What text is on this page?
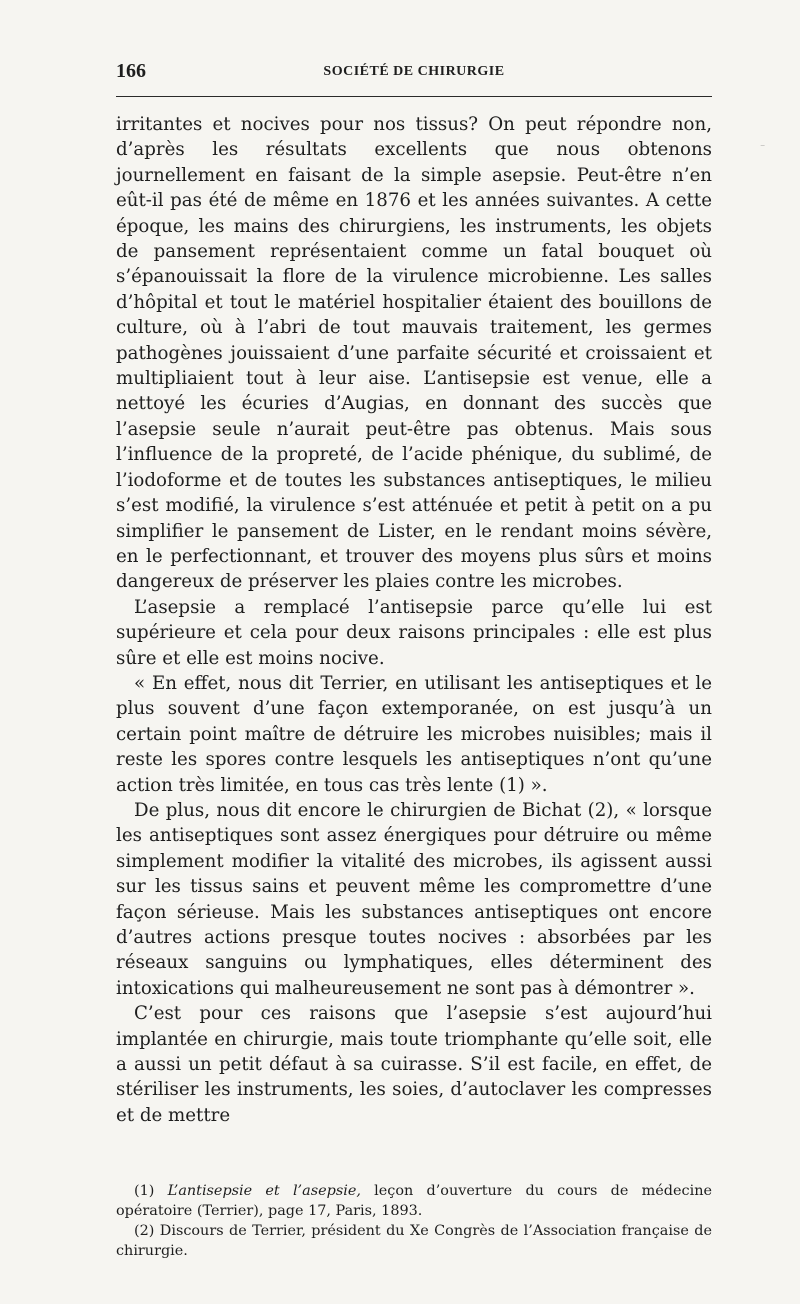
⁻
166	SOCIÉTÉ DE CHIRURGIE

irritantes et nocives pour nos tissus? On peut répondre non, d’après les résultats excellents que nous obtenons journellement en faisant de la simple asepsie. Peut-être n’en eût-il pas été de même en 1876 et les années suivantes. A cette époque, les mains des chirurgiens, les instruments, les objets de pansement représentaient comme un fatal bouquet où s’épanouissait la flore de la virulence microbienne. Les salles d’hôpital et tout le matériel hospitalier étaient des bouillons de culture, où à l’abri de tout mauvais traitement, les germes pathogènes jouissaient d’une parfaite sécurité et croissaient et multipliaient tout à leur aise. L’antisepsie est venue, elle a nettoyé les écuries d’Augias, en donnant des succès que l’asepsie seule n’aurait peut-être pas obtenus. Mais sous l’influence de la propreté, de l’acide phénique, du sublimé, de l’iodoforme et de toutes les substances antiseptiques, le milieu s’est modifié, la virulence s’est atténuée et petit à petit on a pu simplifier le pansement de Lister, en le rendant moins sévère, en le perfectionnant, et trouver des moyens plus sûrs et moins dangereux de préserver les plaies contre les microbes.

L’asepsie a remplacé l’antisepsie parce qu’elle lui est supérieure et cela pour deux raisons principales : elle est plus sûre et elle est moins nocive.

« En effet, nous dit Terrier, en utilisant les antiseptiques et le plus souvent d’une façon extemporanée, on est jusqu’à un certain point maître de détruire les microbes nuisibles; mais il reste les spores contre lesquels les antiseptiques n’ont qu’une action très limitée, en tous cas très lente (1) ».

De plus, nous dit encore le chirurgien de Bichat (2), « lorsque les antiseptiques sont assez énergiques pour détruire ou même simplement modifier la vitalité des microbes, ils agissent aussi sur les tissus sains et peuvent même les compromettre d’une façon sérieuse. Mais les substances antiseptiques ont encore d’autres actions presque toutes nocives : absorbées par les réseaux sanguins ou lymphatiques, elles déterminent des intoxications qui malheureusement ne sont pas à démontrer ».

C’est pour ces raisons que l’asepsie s’est aujourd’hui implantée en chirurgie, mais toute triomphante qu’elle soit, elle a aussi un petit défaut à sa cuirasse. S’il est facile, en effet, de stériliser les instruments, les soies, d’autoclaver les compresses et de mettre

(1) L’antisepsie et l’asepsie, leçon d’ouverture du cours de médecine opératoire (Terrier), page 17, Paris, 1893.

(2) Discours de Terrier, président du Xe Congrès de l’Association française de chirurgie.
